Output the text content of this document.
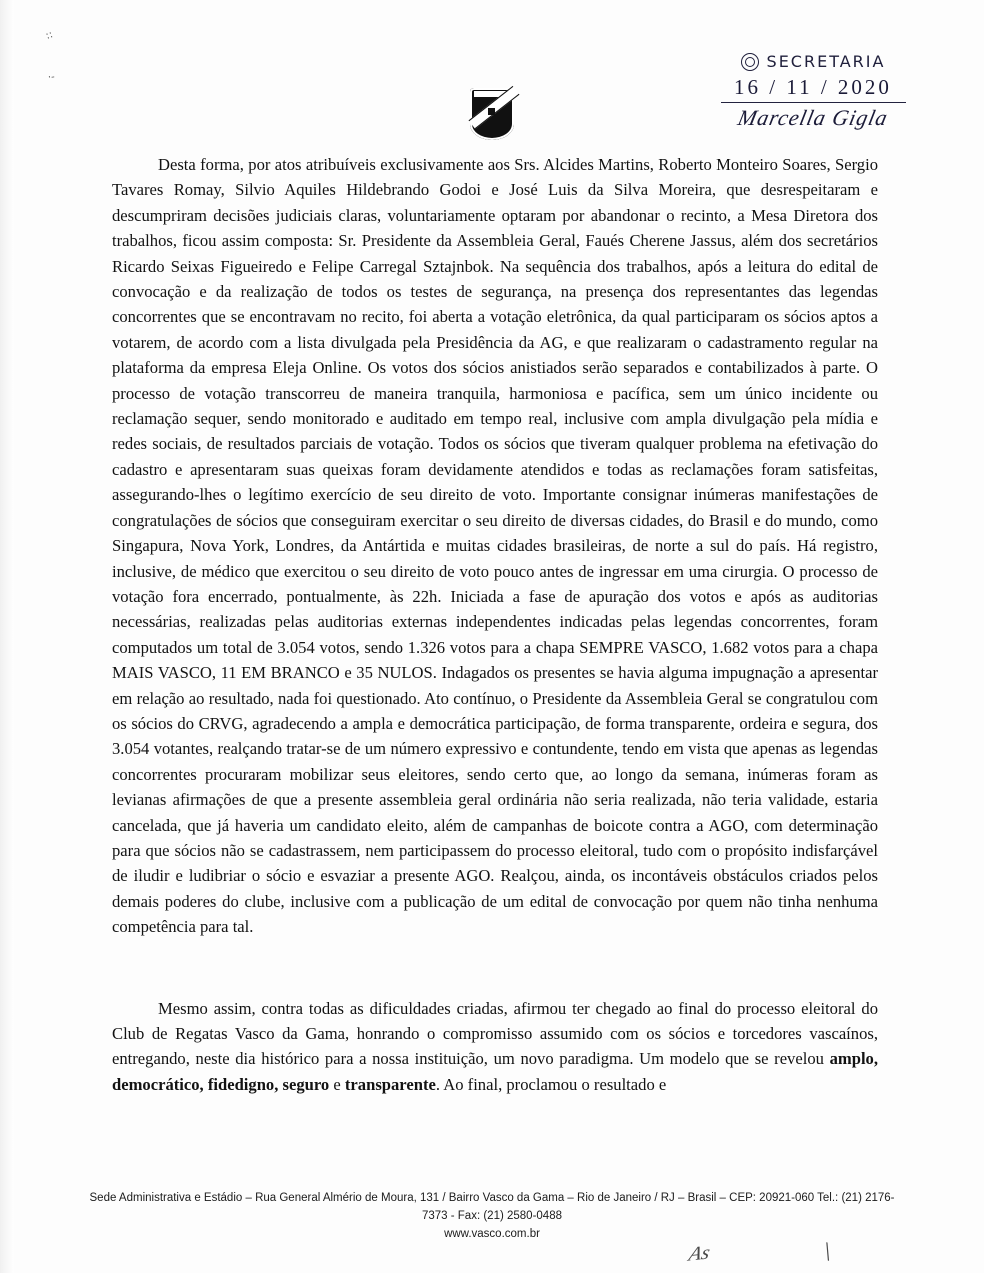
::
·-
SECRETARIA
16 / 11 / 2020
Marcella Gigla

Desta forma, por atos atribuíveis exclusivamente aos Srs. Alcides Martins, Roberto Monteiro Soares, Sergio Tavares Romay, Silvio Aquiles Hildebrando Godoi e José Luis da Silva Moreira, que desrespeitaram e descumpriram decisões judiciais claras, voluntariamente optaram por abandonar o recinto, a Mesa Diretora dos trabalhos, ficou assim composta: Sr. Presidente da Assembleia Geral, Faués Cherene Jassus, além dos secretários Ricardo Seixas Figueiredo e Felipe Carregal Sztajnbok. Na sequência dos trabalhos, após a leitura do edital de convocação e da realização de todos os testes de segurança, na presença dos representantes das legendas concorrentes que se encontravam no recito, foi aberta a votação eletrônica, da qual participaram os sócios aptos a votarem, de acordo com a lista divulgada pela Presidência da AG, e que realizaram o cadastramento regular na plataforma da empresa Eleja Online. Os votos dos sócios anistiados serão separados e contabilizados à parte. O processo de votação transcorreu de maneira tranquila, harmoniosa e pacífica, sem um único incidente ou reclamação sequer, sendo monitorado e auditado em tempo real, inclusive com ampla divulgação pela mídia e redes sociais, de resultados parciais de votação. Todos os sócios que tiveram qualquer problema na efetivação do cadastro e apresentaram suas queixas foram devidamente atendidos e todas as reclamações foram satisfeitas, assegurando-lhes o legítimo exercício de seu direito de voto. Importante consignar inúmeras manifestações de congratulações de sócios que conseguiram exercitar o seu direito de diversas cidades, do Brasil e do mundo, como Singapura, Nova York, Londres, da Antártida e muitas cidades brasileiras, de norte a sul do país. Há registro, inclusive, de médico que exercitou o seu direito de voto pouco antes de ingressar em uma cirurgia. O processo de votação fora encerrado, pontualmente, às 22h. Iniciada a fase de apuração dos votos e após as auditorias necessárias, realizadas pelas auditorias externas independentes indicadas pelas legendas concorrentes, foram computados um total de 3.054 votos, sendo 1.326 votos para a chapa SEMPRE VASCO, 1.682 votos para a chapa MAIS VASCO, 11 EM BRANCO e 35 NULOS. Indagados os presentes se havia alguma impugnação a apresentar em relação ao resultado, nada foi questionado. Ato contínuo, o Presidente da Assembleia Geral se congratulou com os sócios do CRVG, agradecendo a ampla e democrática participação, de forma transparente, ordeira e segura, dos 3.054 votantes, realçando tratar-se de um número expressivo e contundente, tendo em vista que apenas as legendas concorrentes procuraram mobilizar seus eleitores, sendo certo que, ao longo da semana, inúmeras foram as levianas afirmações de que a presente assembleia geral ordinária não seria realizada, não teria validade, estaria cancelada, que já haveria um candidato eleito, além de campanhas de boicote contra a AGO, com determinação para que sócios não se cadastrassem, nem participassem do processo eleitoral, tudo com o propósito indisfarçável de iludir e ludibriar o sócio e esvaziar a presente AGO. Realçou, ainda, os incontáveis obstáculos criados pelos demais poderes do clube, inclusive com a publicação de um edital de convocação por quem não tinha nenhuma competência para tal.

Mesmo assim, contra todas as dificuldades criadas, afirmou ter chegado ao final do processo eleitoral do Club de Regatas Vasco da Gama, honrando o compromisso assumido com os sócios e torcedores vascaínos, entregando, neste dia histórico para a nossa instituição, um novo paradigma. Um modelo que se revelou amplo, democrático, fidedigno, seguro e transparente. Ao final, proclamou o resultado e

Sede Administrativa e Estádio – Rua General Almério de Moura, 131 / Bairro Vasco da Gama – Rio de Janeiro / RJ – Brasil – CEP: 20921-060 Tel.: (21) 2176-
7373 - Fax: (21) 2580-0488
www.vasco.com.br
As	\
